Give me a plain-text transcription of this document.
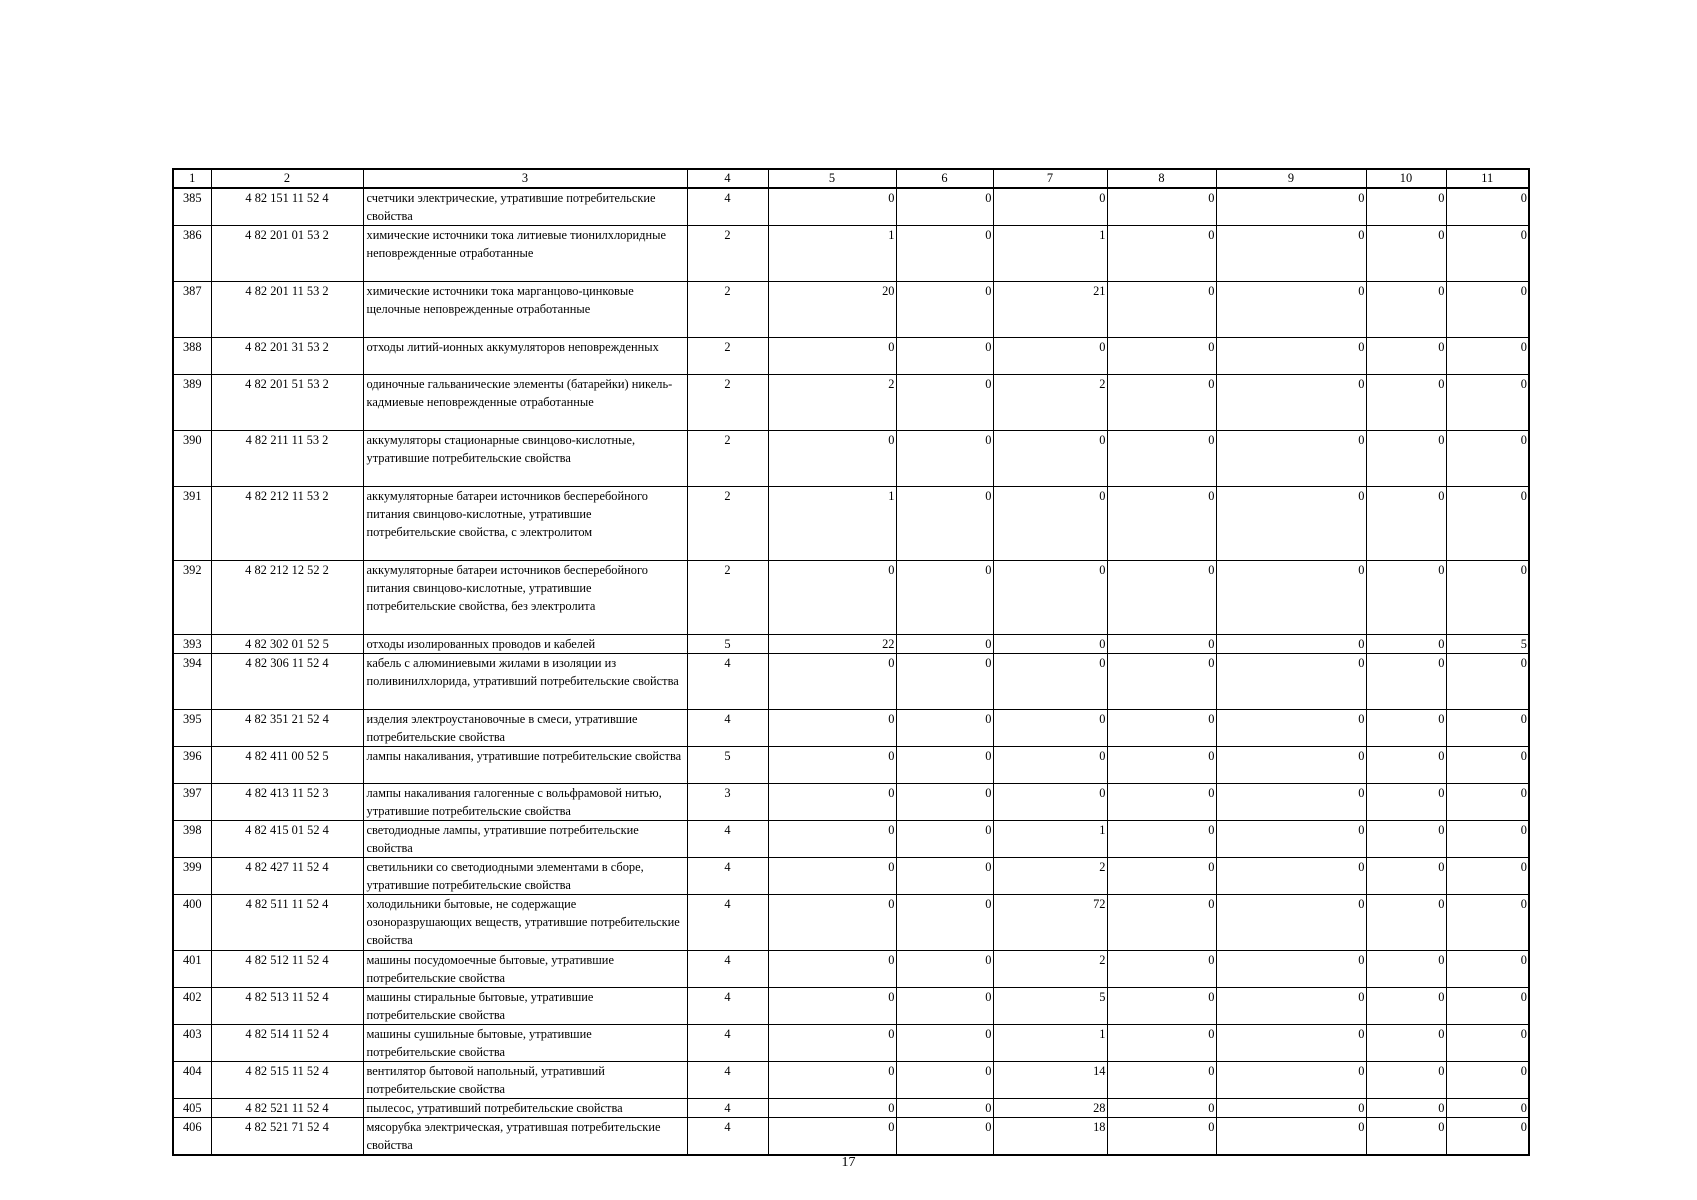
1	2	3	4	5	6	7	8	9	10	11
385	4 82 151 11 52 4	счетчики электрические, утратившие потребительские свойства	4	0	0	0	0	0	0	0
386	4 82 201 01 53 2	химические источники тока литиевые тионилхлоридные неповрежденные отработанные	2	1	0	1	0	0	0	0
387	4 82 201 11 53 2	химические источники тока марганцово-цинковые щелочные неповрежденные отработанные	2	20	0	21	0	0	0	0
388	4 82 201 31 53 2	отходы литий-ионных аккумуляторов неповрежденных	2	0	0	0	0	0	0	0
389	4 82 201 51 53 2	одиночные гальванические элементы (батарейки) никель-кадмиевые неповрежденные отработанные	2	2	0	2	0	0	0	0
390	4 82 211 11 53 2	аккумуляторы стационарные свинцово-кислотные, утратившие потребительские свойства	2	0	0	0	0	0	0	0
391	4 82 212 11 53 2	аккумуляторные батареи источников бесперебойного питания свинцово-кислотные, утратившие потребительские свойства, с электролитом	2	1	0	0	0	0	0	0
392	4 82 212 12 52 2	аккумуляторные батареи источников бесперебойного питания свинцово-кислотные, утратившие потребительские свойства, без электролита	2	0	0	0	0	0	0	0
393	4 82 302 01 52 5	отходы изолированных проводов и кабелей	5	22	0	0	0	0	0	5
394	4 82 306 11 52 4	кабель с алюминиевыми жилами в изоляции из поливинилхлорида, утративший потребительские свойства	4	0	0	0	0	0	0	0
395	4 82 351 21 52 4	изделия электроустановочные в смеси, утратившие потребительские свойства	4	0	0	0	0	0	0	0
396	4 82 411 00 52 5	лампы накаливания, утратившие потребительские свойства	5	0	0	0	0	0	0	0
397	4 82 413 11 52 3	лампы накаливания галогенные с вольфрамовой нитью, утратившие потребительские свойства	3	0	0	0	0	0	0	0
398	4 82 415 01 52 4	светодиодные лампы, утратившие потребительские свойства	4	0	0	1	0	0	0	0
399	4 82 427 11 52 4	светильники со светодиодными элементами в сборе, утратившие потребительские свойства	4	0	0	2	0	0	0	0
400	4 82 511 11 52 4	холодильники бытовые, не содержащие озоноразрушающих веществ, утратившие потребительские свойства	4	0	0	72	0	0	0	0
401	4 82 512 11 52 4	машины посудомоечные бытовые, утратившие потребительские свойства	4	0	0	2	0	0	0	0
402	4 82 513 11 52 4	машины стиральные бытовые, утратившие потребительские свойства	4	0	0	5	0	0	0	0
403	4 82 514 11 52 4	машины сушильные бытовые, утратившие потребительские свойства	4	0	0	1	0	0	0	0
404	4 82 515 11 52 4	вентилятор бытовой напольный, утративший потребительские свойства	4	0	0	14	0	0	0	0
405	4 82 521 11 52 4	пылесос, утративший потребительские свойства	4	0	0	28	0	0	0	0
406	4 82 521 71 52 4	мясорубка электрическая, утратившая потребительские свойства	4	0	0	18	0	0	0	0
17
